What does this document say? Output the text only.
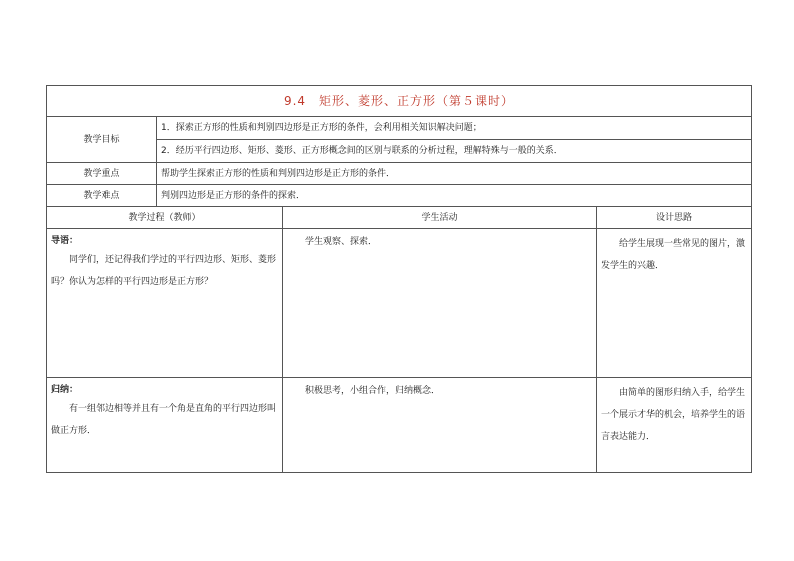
9.4　矩形、菱形、正方形（第５课时）			
教学目标	1．探索正方形的性质和判别四边形是正方形的条件，会利用相关知识解决问题；		
	2．经历平行四边形、矩形、菱形、正方形概念间的区别与联系的分析过程，理解特殊与一般的关系．		
教学重点	帮助学生探索正方形的性质和判别四边形是正方形的条件．		
教学难点	判别四边形是正方形的条件的探索．		
教学过程（教师）		学生活动	设计思路

导语：
同学们，还记得我们学过的平行四边形、矩形、菱形吗？你认为怎样的平行四边形是正方形？		学生观察、探索．	给学生展现一些常见的图片，激发学生的兴趣．

归纳：
有一组邻边相等并且有一个角是直角的平行四边形叫做正方形．		积极思考，小组合作，归纳概念．	由简单的图形归纳入手，给学生一个展示才华的机会，培养学生的语言表达能力．
